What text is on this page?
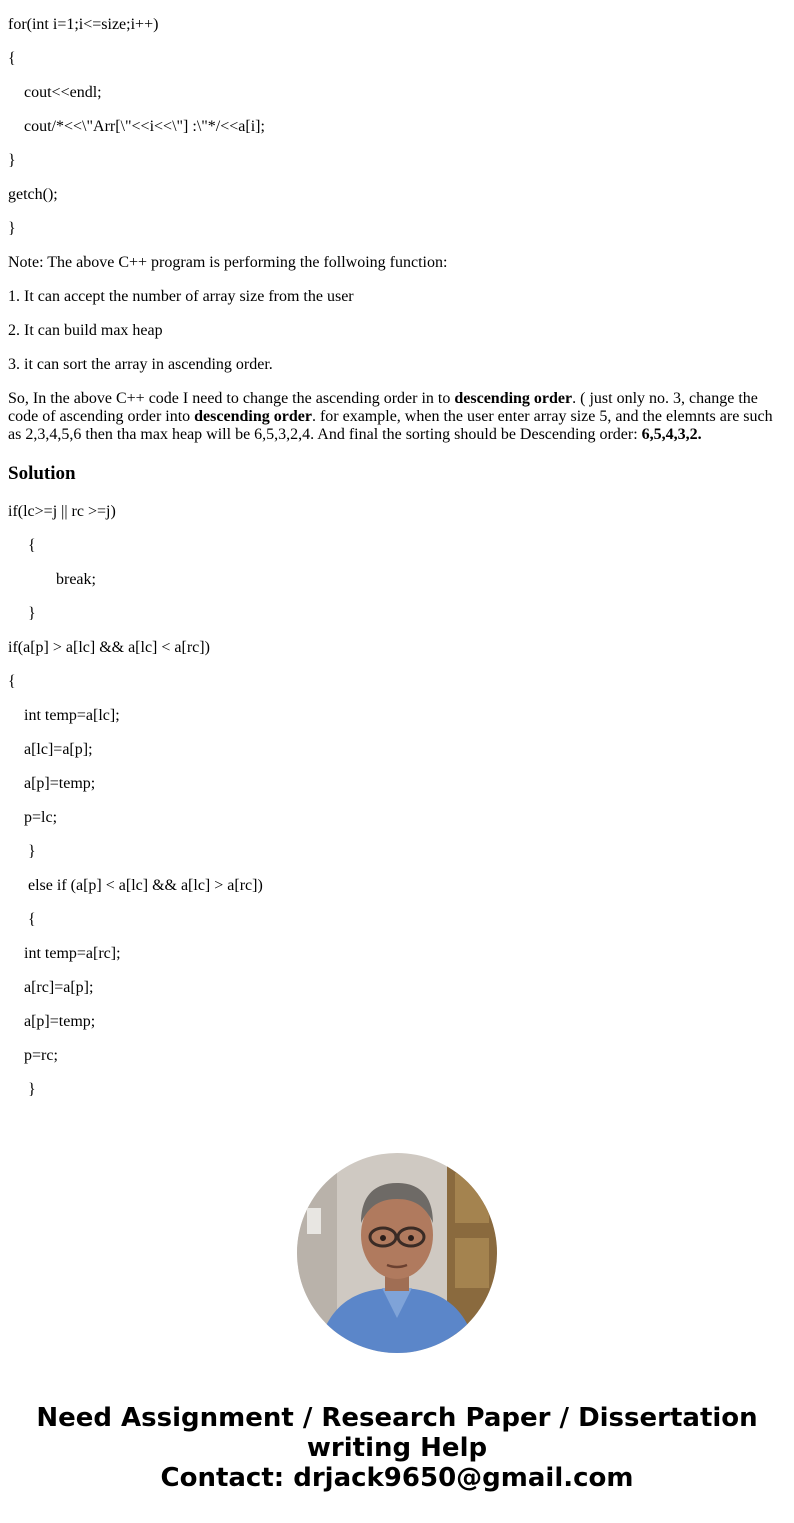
for(int i=1;i<=size;i++)

{

cout<<endl;

cout/*<<\"Arr[\"<<i<<\"] :\"*/<<a[i];

}

getch();

}

Note: The above C++ program is performing the follwoing function:

1. It can accept the number of array size from the user

2. It can build max heap

3. it can sort the array in ascending order.

So, In the above C++ code I need to change the ascending order in to descending order. ( just only no. 3, change the code of ascending order into descending order. for example, when the user enter array size 5, and the elemnts are such as 2,3,4,5,6 then tha max heap will be 6,5,3,2,4. And final the sorting should be Descending order: 6,5,4,3,2.

Solution

if(lc>=j || rc >=j)

{

break;

}

if(a[p] > a[lc] && a[lc] < a[rc])

{

int temp=a[lc];

a[lc]=a[p];

a[p]=temp;

p=lc;

}

else if (a[p] < a[lc] && a[lc] > a[rc])

{

int temp=a[rc];

a[rc]=a[p];

a[p]=temp;

p=rc;

}

Need Assignment / Research Paper / Dissertation
writing Help
Contact: drjack9650@gmail.com
